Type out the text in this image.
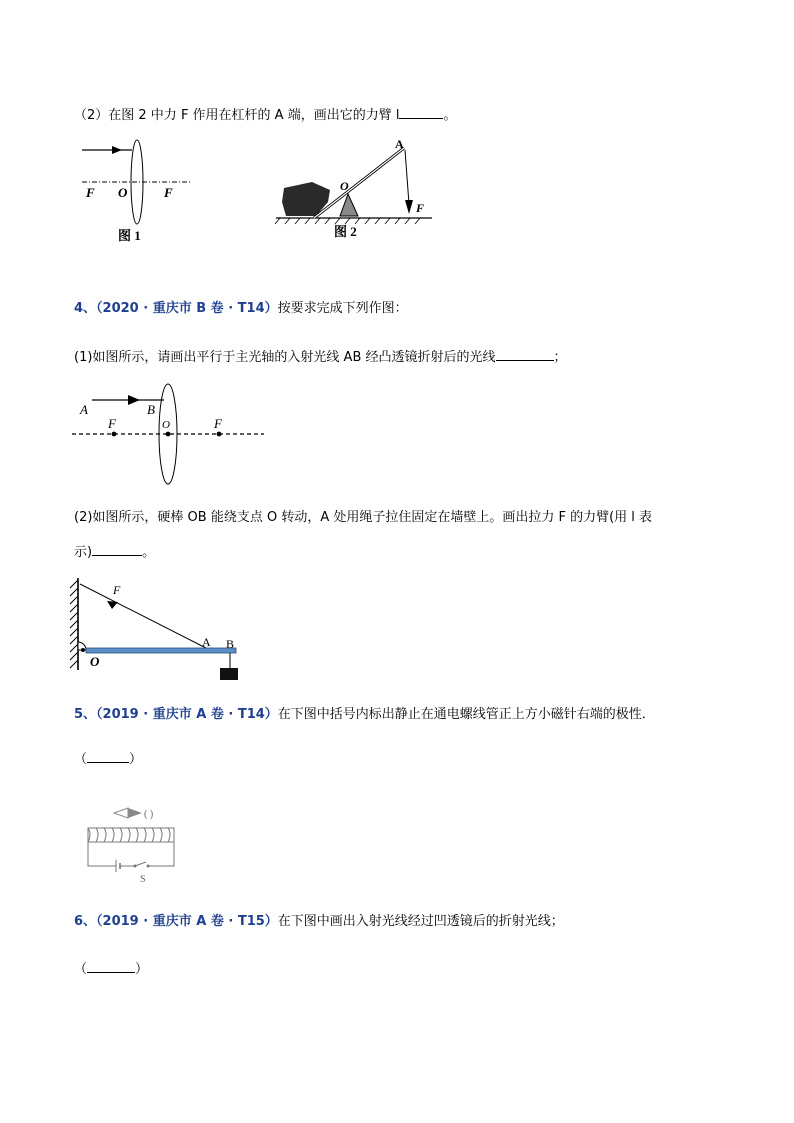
（2）在图 2 中力 F 作用在杠杆的 A 端，画出它的力臂 l	。
F O	F
图 1
A
O
F
图 2
4、（2020 · 重庆市 B 卷 · T14）按要求完成下列作图：
(1)如图所示，请画出平行于主光轴的入射光线 AB 经凸透镜折射后的光线	；
A	B
F	O	F
(2)如图所示，硬棒 OB 能绕支点 O 转动，A 处用绳子拉住固定在墙壁上。画出拉力 F 的力臂(用 l 表
示)	。
F
A B
O
5、（2019 · 重庆市 A 卷 · T14）在下图中括号内标出静止在通电螺线管正上方小磁针右端的极性．
（	）
( )
S
6、（2019 · 重庆市 A 卷 · T15）在下图中画出入射光线经过凹透镜后的折射光线；
（	）
